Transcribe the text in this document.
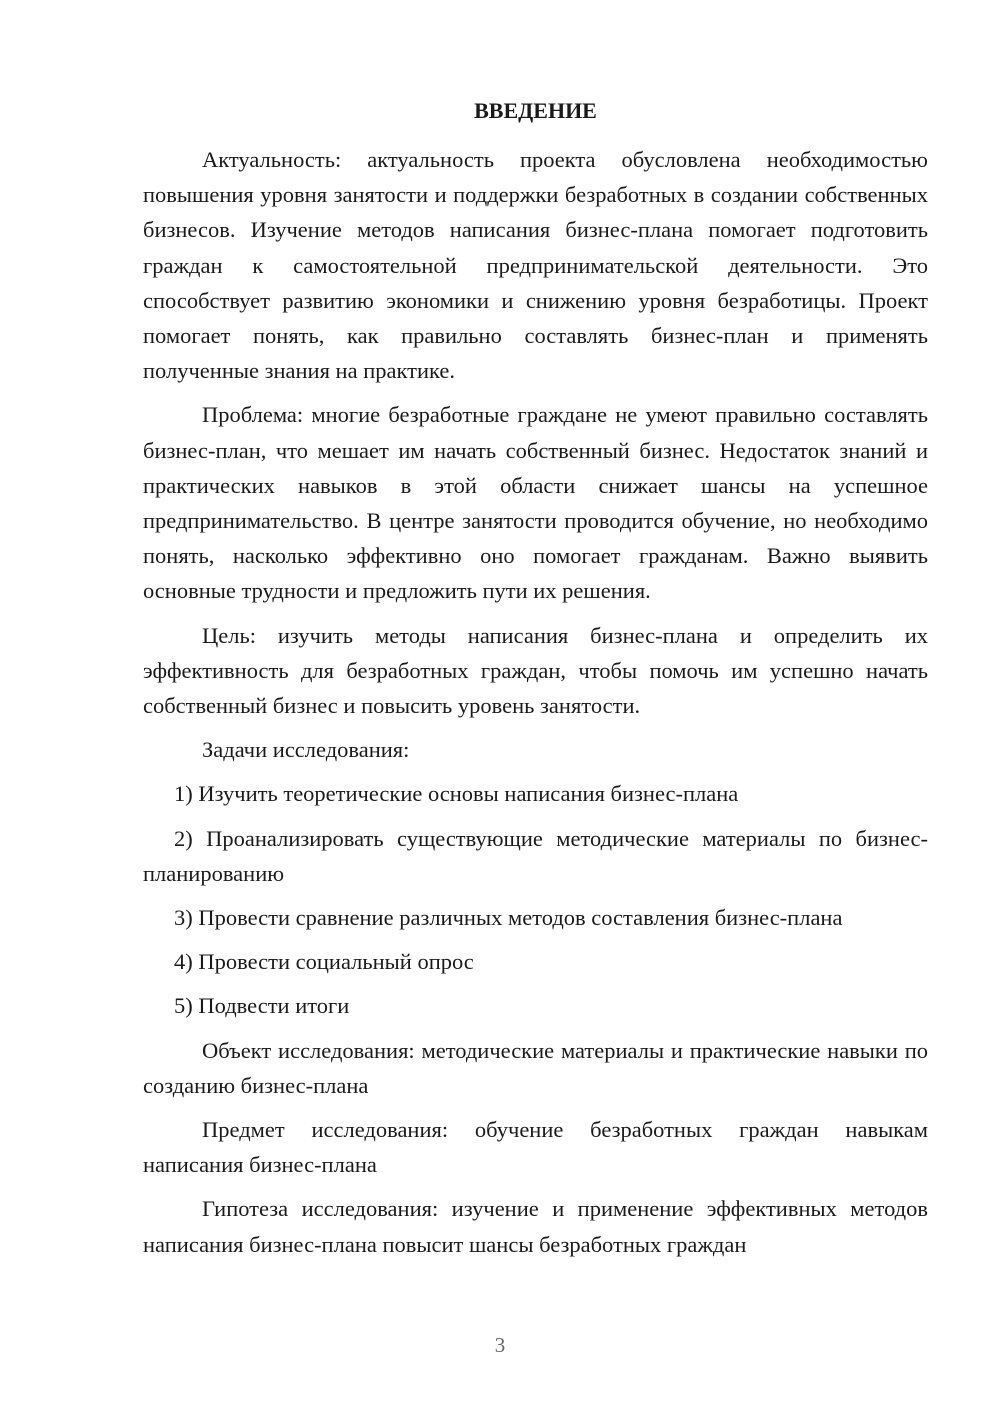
ВВЕДЕНИЕ

Актуальность: актуальность проекта обусловлена необходимостью повышения уровня занятости и поддержки безработных в создании собственных бизнесов. Изучение методов написания бизнес-плана помогает подготовить граждан к самостоятельной предпринимательской деятельности. Это способствует развитию экономики и снижению уровня безработицы. Проект помогает понять, как правильно составлять бизнес-план и применять полученные знания на практике.

Проблема: многие безработные граждане не умеют правильно составлять бизнес-план, что мешает им начать собственный бизнес. Недостаток знаний и практических навыков в этой области снижает шансы на успешное предпринимательство. В центре занятости проводится обучение, но необходимо понять, насколько эффективно оно помогает гражданам. Важно выявить основные трудности и предложить пути их решения.

Цель: изучить методы написания бизнес-плана и определить их эффективность для безработных граждан, чтобы помочь им успешно начать собственный бизнес и повысить уровень занятости.

Задачи исследования:

1) Изучить теоретические основы написания бизнес-плана

2) Проанализировать существующие методические материалы по бизнес-планированию

3) Провести сравнение различных методов составления бизнес-плана

4) Провести социальный опрос

5) Подвести итоги

Объект исследования: методические материалы и практические навыки по созданию бизнес-плана

Предмет исследования: обучение безработных граждан навыкам написания бизнес-плана

Гипотеза исследования: изучение и применение эффективных методов написания бизнес-плана повысит шансы безработных граждан

3
